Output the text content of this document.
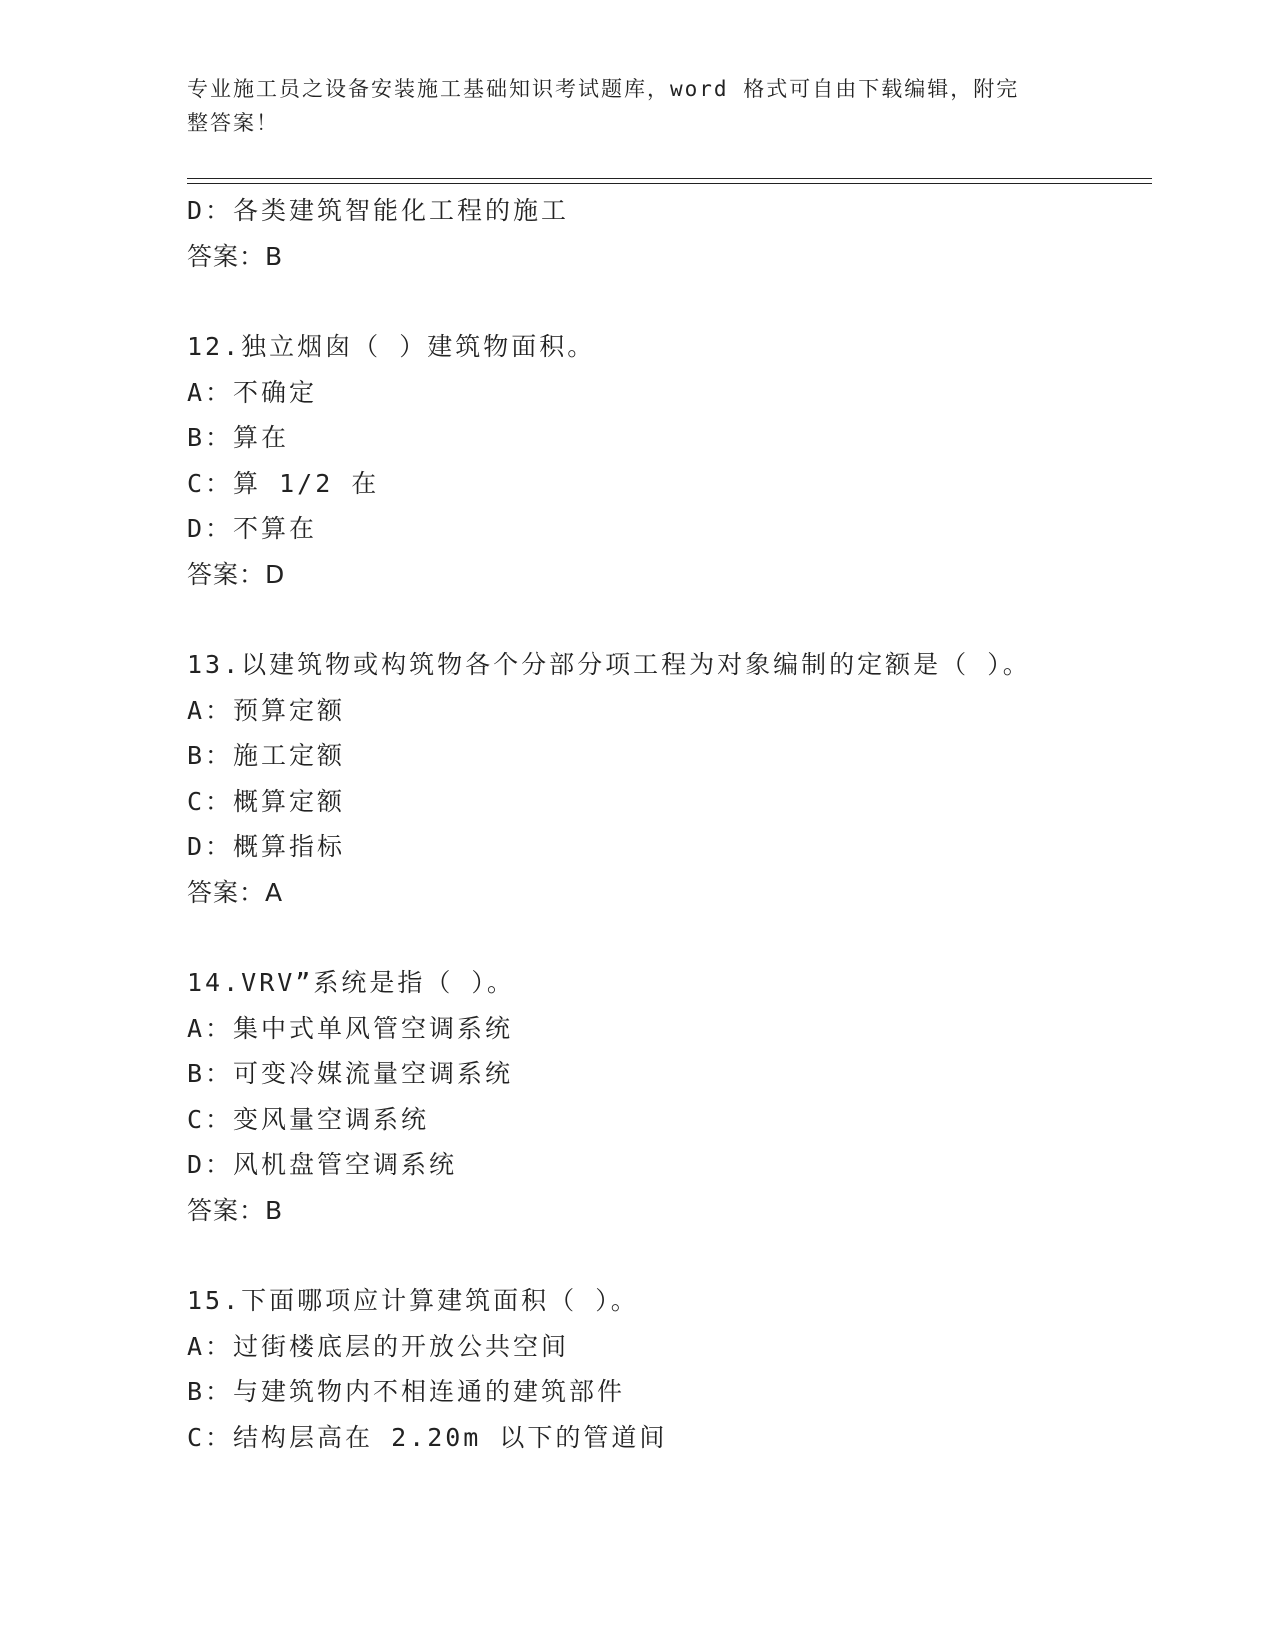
专业施工员之设备安装施工基础知识考试题库，word 格式可自由下载编辑，附完
整答案！
D：各类建筑智能化工程的施工
答案：B
12.独立烟囱（ ）建筑物面积。
A：不确定
B：算在
C：算 1/2 在
D：不算在
答案：D
13.以建筑物或构筑物各个分部分项工程为对象编制的定额是（ ）。
A：预算定额
B：施工定额
C：概算定额
D：概算指标
答案：A
14.VRV”系统是指（ ）。
A：集中式单风管空调系统
B：可变冷媒流量空调系统
C：变风量空调系统
D：风机盘管空调系统
答案：B
15.下面哪项应计算建筑面积（ ）。
A：过街楼底层的开放公共空间
B：与建筑物内不相连通的建筑部件
C：结构层高在 2.20m 以下的管道间
